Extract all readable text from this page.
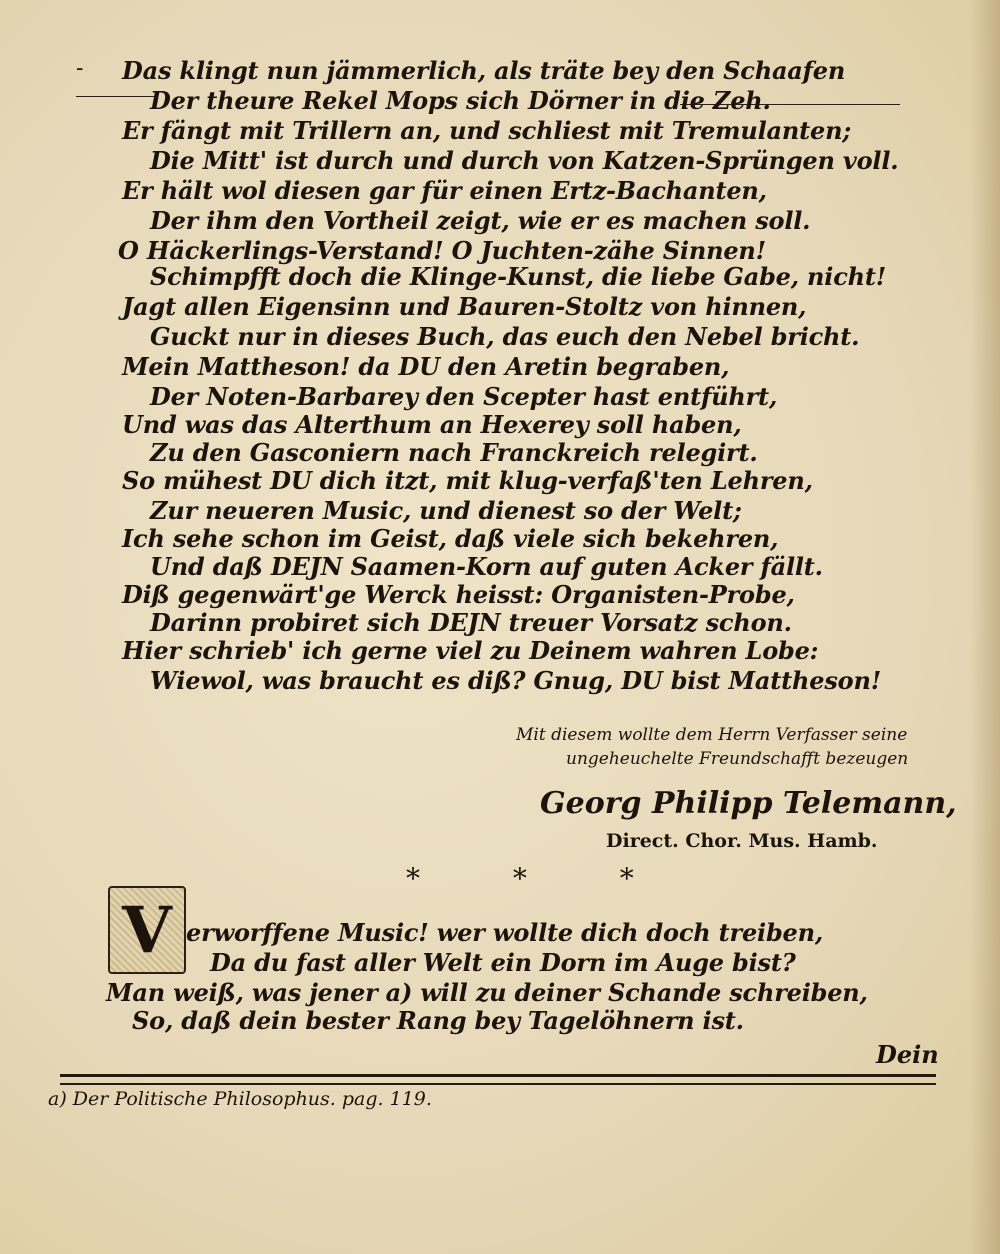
- Das klingt nun jämmerlich, als träte bey den Schaafen
Der theure Rekel Mops sich Dörner in die Zeh.
Er fängt mit Trillern an, und schliest mit Tremulanten;
Die Mitt' ist durch und durch von Katzen-Sprüngen voll.
Er hält wol diesen gar für einen Ertz-Bachanten,
Der ihm den Vortheil zeigt, wie er es machen soll.
O Häckerlings-Verstand! O Juchten-zähe Sinnen!
Schimpfft doch die Klinge-Kunst, die liebe Gabe, nicht!
Jagt allen Eigensinn und Bauren-Stoltz von hinnen,
Guckt nur in dieses Buch, das euch den Nebel bricht.
Mein Mattheson! da DU den Aretin begraben,
Der Noten-Barbarey den Scepter hast entführt,
Und was das Alterthum an Hexerey soll haben,
Zu den Gasconiern nach Franckreich relegirt.
So mühest DU dich itzt, mit klug-verfaß'ten Lehren,
Zur neueren Music, und dienest so der Welt;
Ich sehe schon im Geist, daß viele sich bekehren,
Und daß DEJN Saamen-Korn auf guten Acker fällt.
Diß gegenwärt'ge Werck heisst: Organisten-Probe,
Darinn probiret sich DEJN treuer Vorsatz schon.
Hier schrieb' ich gerne viel zu Deinem wahren Lobe:
Wiewol, was braucht es diß? Gnug, DU bist Mattheson!
Mit diesem wollte dem Herrn Verfasser seine
ungeheuchelte Freundschafft bezeugen
Georg Philipp Telemann,
Direct. Chor. Mus. Hamb.
* * *
V erworffene Music! wer wollte dich doch treiben,
Da du fast aller Welt ein Dorn im Auge bist?
Man weiß, was jener a) will zu deiner Schande schreiben,
So, daß dein bester Rang bey Tagelöhnern ist.
Dein
a) Der Politische Philosophus. pag. 119.
